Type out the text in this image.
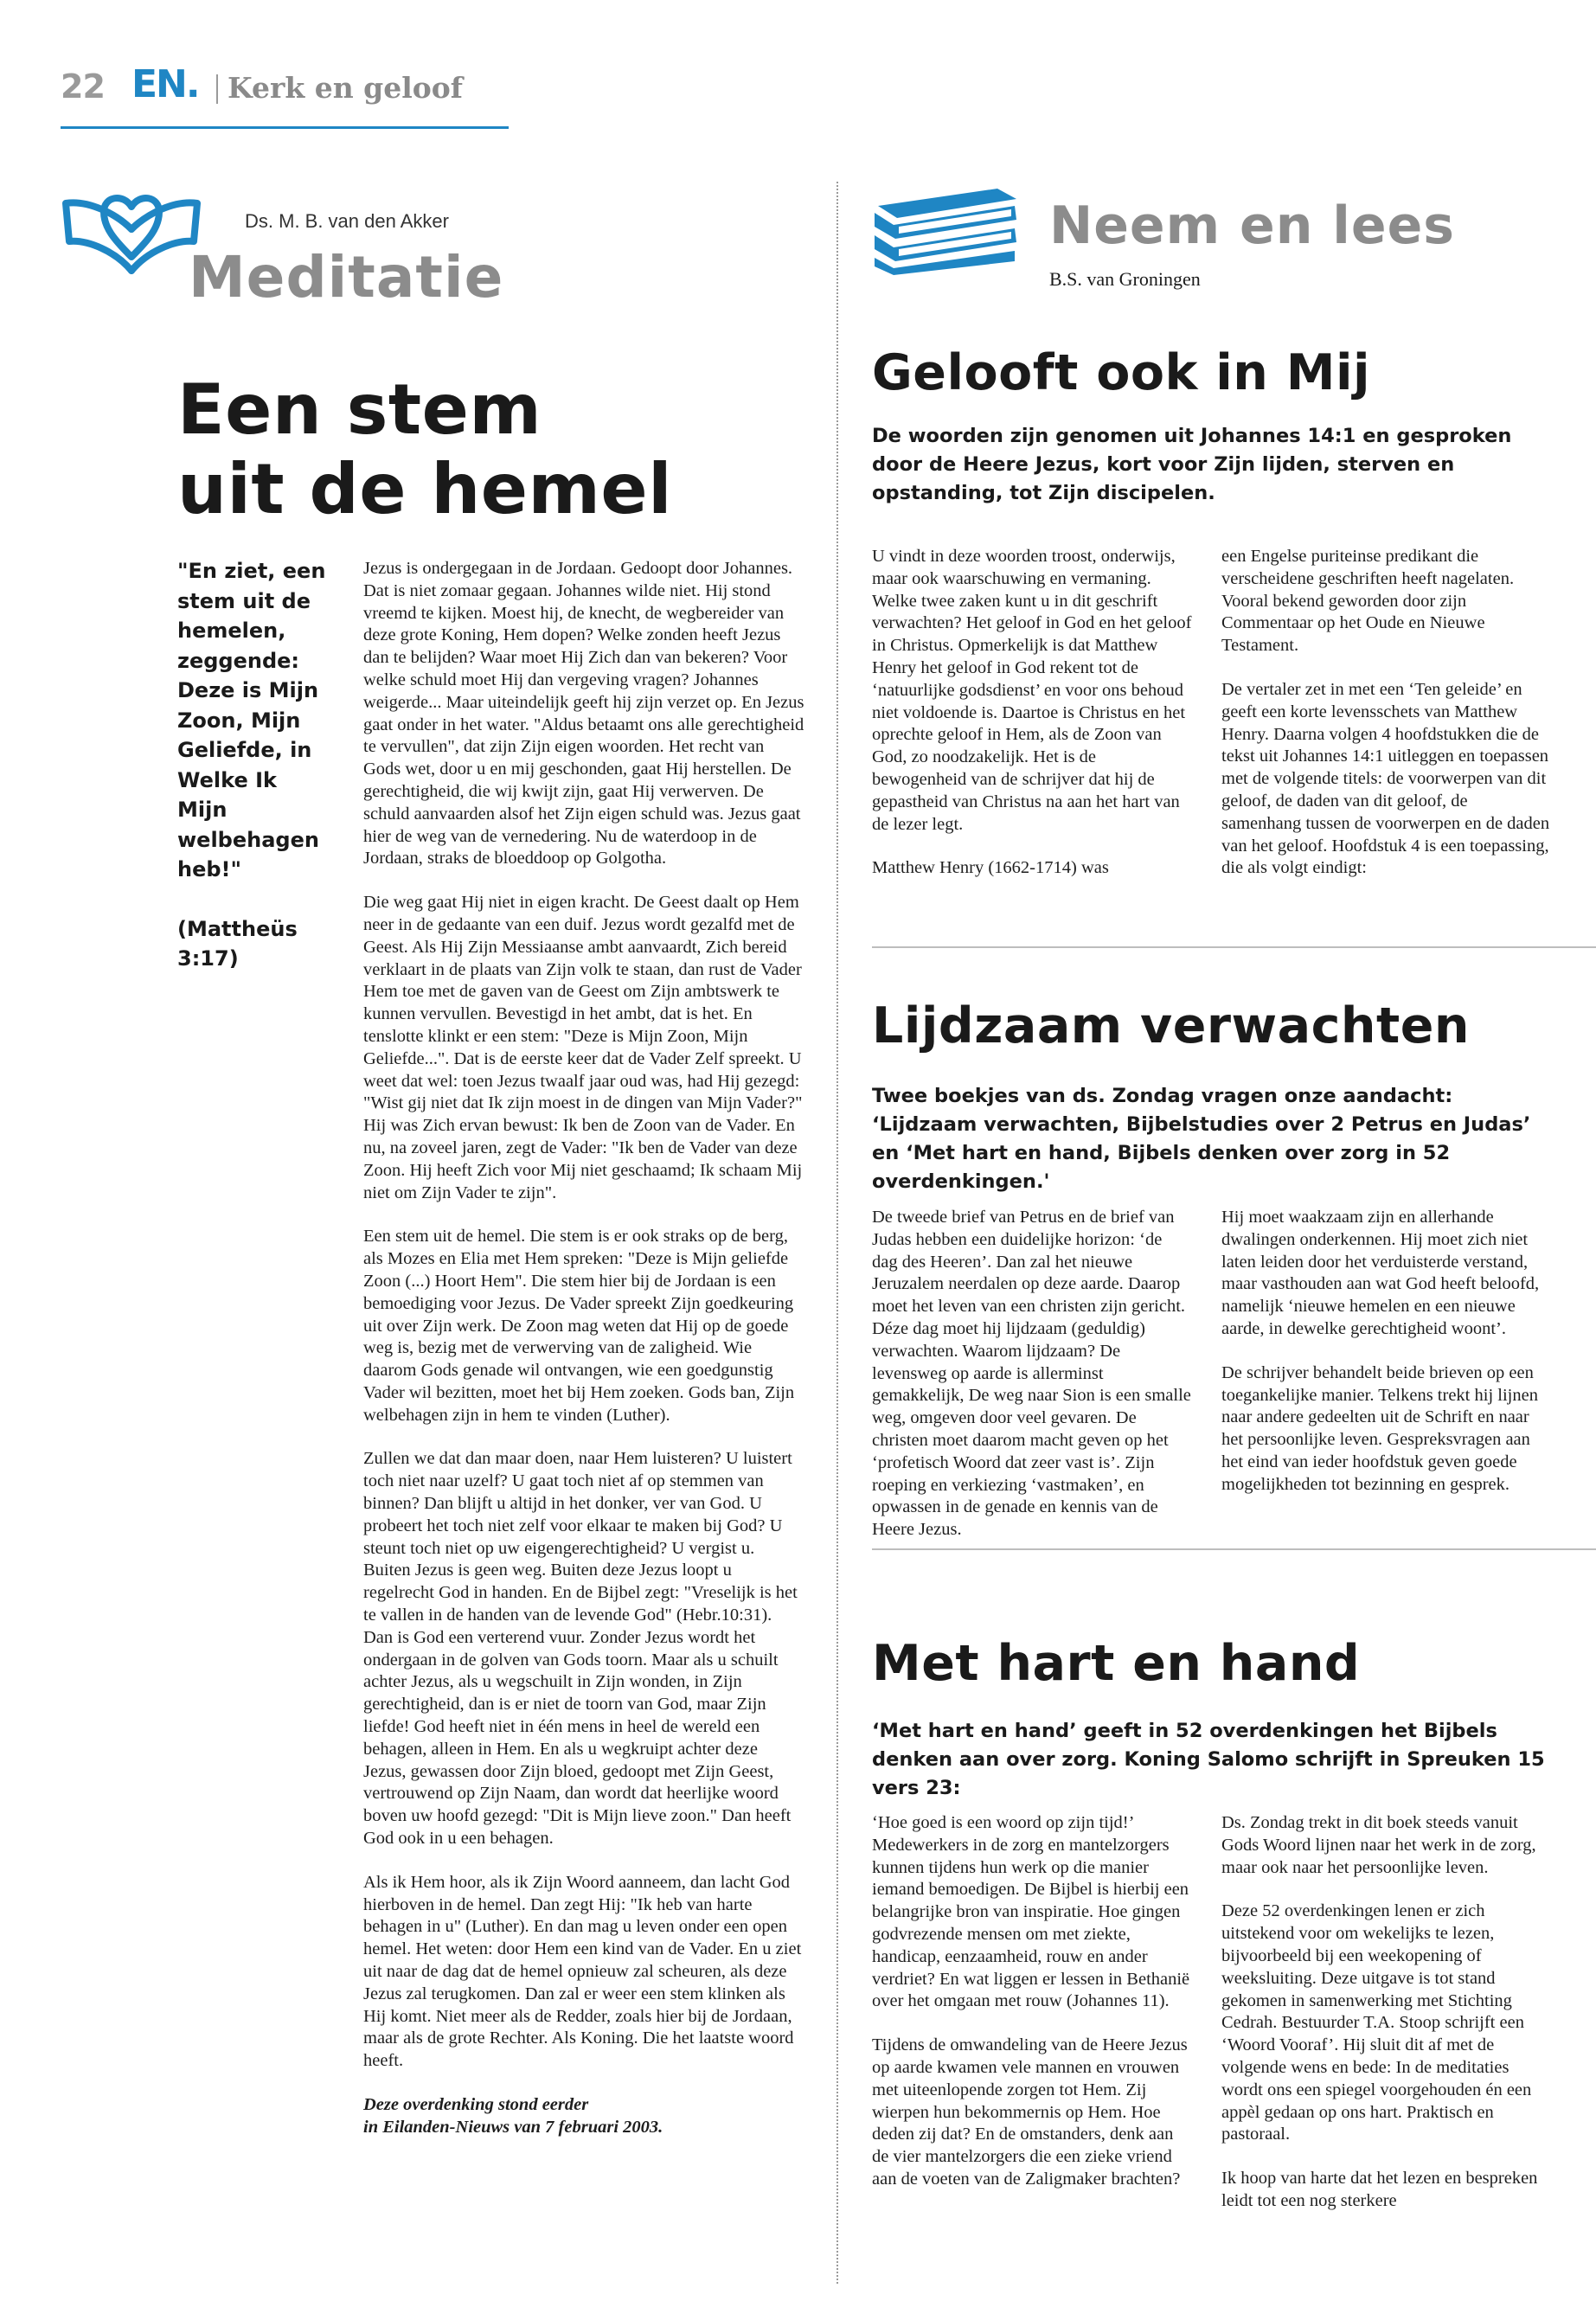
22 EN. Kerk en geloof
Ds. M. B. van den Akker
Meditatie
Een stem
uit de hemel
"En ziet, een stem uit de hemelen, zeggende: Deze is Mijn Zoon, Mijn Geliefde, in Welke Ik Mijn welbehagen heb!"
(Mattheüs 3:17)

Jezus is ondergegaan in de Jordaan. Gedoopt door Johannes. Dat is niet zomaar gegaan. Johannes wilde niet. Hij stond vreemd te kijken. Moest hij, de knecht, de wegbereider van deze grote Koning, Hem dopen? Welke zonden heeft Jezus dan te belijden? Waar moet Hij Zich dan van bekeren? Voor welke schuld moet Hij dan vergeving vragen? Johannes weigerde... Maar uiteindelijk geeft hij zijn verzet op. En Jezus gaat onder in het water. "Aldus betaamt ons alle gerechtigheid te vervullen", dat zijn Zijn eigen woorden. Het recht van Gods wet, door u en mij geschonden, gaat Hij herstellen. De gerechtigheid, die wij kwijt zijn, gaat Hij verwerven. De schuld aanvaarden alsof het Zijn eigen schuld was. Jezus gaat hier de weg van de vernedering. Nu de waterdoop in de Jordaan, straks de bloeddoop op Golgotha.

Die weg gaat Hij niet in eigen kracht. De Geest daalt op Hem neer in de gedaante van een duif. Jezus wordt gezalfd met de Geest. Als Hij Zijn Messiaanse ambt aanvaardt, Zich bereid verklaart in de plaats van Zijn volk te staan, dan rust de Vader Hem toe met de gaven van de Geest om Zijn ambtswerk te kunnen vervullen. Bevestigd in het ambt, dat is het. En tenslotte klinkt er een stem: "Deze is Mijn Zoon, Mijn Geliefde...". Dat is de eerste keer dat de Vader Zelf spreekt. U weet dat wel: toen Jezus twaalf jaar oud was, had Hij gezegd: "Wist gij niet dat Ik zijn moest in de dingen van Mijn Vader?" Hij was Zich ervan bewust: Ik ben de Zoon van de Vader. En nu, na zoveel jaren, zegt de Vader: "Ik ben de Vader van deze Zoon. Hij heeft Zich voor Mij niet geschaamd; Ik schaam Mij niet om Zijn Vader te zijn".

Een stem uit de hemel. Die stem is er ook straks op de berg, als Mozes en Elia met Hem spreken: "Deze is Mijn geliefde Zoon (...) Hoort Hem". Die stem hier bij de Jordaan is een bemoediging voor Jezus. De Vader spreekt Zijn goedkeuring uit over Zijn werk. De Zoon mag weten dat Hij op de goede weg is, bezig met de verwerving van de zaligheid. Wie daarom Gods genade wil ontvangen, wie een goedgunstig Vader wil bezitten, moet het bij Hem zoeken. Gods ban, Zijn welbehagen zijn in hem te vinden (Luther).

Zullen we dat dan maar doen, naar Hem luisteren? U luistert toch niet naar uzelf? U gaat toch niet af op stemmen van binnen? Dan blijft u altijd in het donker, ver van God. U probeert het toch niet zelf voor elkaar te maken bij God? U steunt toch niet op uw eigengerechtigheid? U vergist u. Buiten Jezus is geen weg. Buiten deze Jezus loopt u regelrecht God in handen. En de Bijbel zegt: "Vreselijk is het te vallen in de handen van de levende God" (Hebr.10:31). Dan is God een verterend vuur. Zonder Jezus wordt het ondergaan in de golven van Gods toorn. Maar als u schuilt achter Jezus, als u wegschuilt in Zijn wonden, in Zijn gerechtigheid, dan is er niet de toorn van God, maar Zijn liefde! God heeft niet in één mens in heel de wereld een behagen, alleen in Hem. En als u wegkruipt achter deze Jezus, gewassen door Zijn bloed, gedoopt met Zijn Geest, vertrouwend op Zijn Naam, dan wordt dat heerlijke woord boven uw hoofd gezegd: "Dit is Mijn lieve zoon." Dan heeft God ook in u een behagen.

Als ik Hem hoor, als ik Zijn Woord aanneem, dan lacht God hierboven in de hemel. Dan zegt Hij: "Ik heb van harte behagen in u" (Luther). En dan mag u leven onder een open hemel. Het weten: door Hem een kind van de Vader. En u ziet uit naar de dag dat de hemel opnieuw zal scheuren, als deze Jezus zal terugkomen. Dan zal er weer een stem klinken als Hij komt. Niet meer als de Redder, zoals hier bij de Jordaan, maar als de grote Rechter. Als Koning. Die het laatste woord heeft.

Deze overdenking stond eerder
in Eilanden-Nieuws van 7 februari 2003.
Neem en lees
B.S. van Groningen
Gelooft ook in Mij
De woorden zijn genomen uit Johannes 14:1 en gesproken door de Heere Jezus, kort voor Zijn lijden, sterven en opstanding, tot Zijn discipelen.

U vindt in deze woorden troost, onderwijs, maar ook waarschuwing en vermaning. Welke twee zaken kunt u in dit geschrift verwachten? Het geloof in God en het geloof in Christus. Opmerkelijk is dat Matthew Henry het geloof in God rekent tot de ‘natuurlijke godsdienst’ en voor ons behoud niet voldoende is. Daartoe is Christus en het oprechte geloof in Hem, als de Zoon van God, zo noodzakelijk. Het is de bewogenheid van de schrijver dat hij de gepastheid van Christus na aan het hart van de lezer legt.

Matthew Henry (1662-1714) was

een Engelse puriteinse predikant die verscheidene geschriften heeft nagelaten. Vooral bekend geworden door zijn Commentaar op het Oude en Nieuwe Testament.

De vertaler zet in met een ‘Ten geleide’ en geeft een korte levensschets van Matthew Henry. Daarna volgen 4 hoofdstukken die de tekst uit Johannes 14:1 uitleggen en toepassen met de volgende titels: de voorwerpen van dit geloof, de daden van dit geloof, de samenhang tussen de voorwerpen en de daden van het geloof. Hoofdstuk 4 is een toepassing, die als volgt eindigt:

Lijdzaam verwachten
Twee boekjes van ds. Zondag vragen onze aandacht: ‘Lijdzaam verwachten, Bijbelstudies over 2 Petrus en Judas’ en ‘Met hart en hand, Bijbels denken over zorg in 52 overdenkingen.'

De tweede brief van Petrus en de brief van Judas hebben een duidelijke horizon: ‘de dag des Heeren’. Dan zal het nieuwe Jeruzalem neerdalen op deze aarde. Daarop moet het leven van een christen zijn gericht. Déze dag moet hij lijdzaam (geduldig) verwachten. Waarom lijdzaam? De levensweg op aarde is allerminst gemakkelijk, De weg naar Sion is een smalle weg, omgeven door veel gevaren. De christen moet daarom macht geven op het ‘profetisch Woord dat zeer vast is’. Zijn roeping en verkiezing ‘vastmaken’, en opwassen in de genade en kennis van de Heere Jezus.

Hij moet waakzaam zijn en allerhande dwalingen onderkennen. Hij moet zich niet laten leiden door het verduisterde verstand, maar vasthouden aan wat God heeft beloofd, namelijk ‘nieuwe hemelen en een nieuwe aarde, in dewelke gerechtigheid woont’.

De schrijver behandelt beide brieven op een toegankelijke manier. Telkens trekt hij lijnen naar andere gedeelten uit de Schrift en naar het persoonlijke leven. Gespreksvragen aan het eind van ieder hoofdstuk geven goede mogelijkheden tot bezinning en gesprek.

Met hart en hand
‘Met hart en hand’ geeft in 52 overdenkingen het Bijbels denken aan over zorg. Koning Salomo schrijft in Spreuken 15 vers 23:

‘Hoe goed is een woord op zijn tijd!’ Medewerkers in de zorg en mantelzorgers kunnen tijdens hun werk op die manier iemand bemoedigen. De Bijbel is hierbij een belangrijke bron van inspiratie. Hoe gingen godvrezende mensen om met ziekte, handicap, eenzaamheid, rouw en ander verdriet? En wat liggen er lessen in Bethanië over het omgaan met rouw (Johannes 11).

Tijdens de omwandeling van de Heere Jezus op aarde kwamen vele mannen en vrouwen met uiteenlopende zorgen tot Hem. Zij wierpen hun bekommernis op Hem. Hoe deden zij dat? En de omstanders, denk aan de vier mantelzorgers die een zieke vriend aan de voeten van de Zaligmaker brachten?

Ds. Zondag trekt in dit boek steeds vanuit Gods Woord lijnen naar het werk in de zorg, maar ook naar het persoonlijke leven.

Deze 52 overdenkingen lenen er zich uitstekend voor om wekelijks te lezen, bijvoorbeeld bij een weekopening of weeksluiting. Deze uitgave is tot stand gekomen in samenwerking met Stichting Cedrah. Bestuurder T.A. Stoop schrijft een ‘Woord Vooraf’. Hij sluit dit af met de volgende wens en bede: In de meditaties wordt ons een spiegel voorgehouden én een appèl gedaan op ons hart. Praktisch en pastoraal.

Ik hoop van harte dat het lezen en bespreken leidt tot een nog sterkere
